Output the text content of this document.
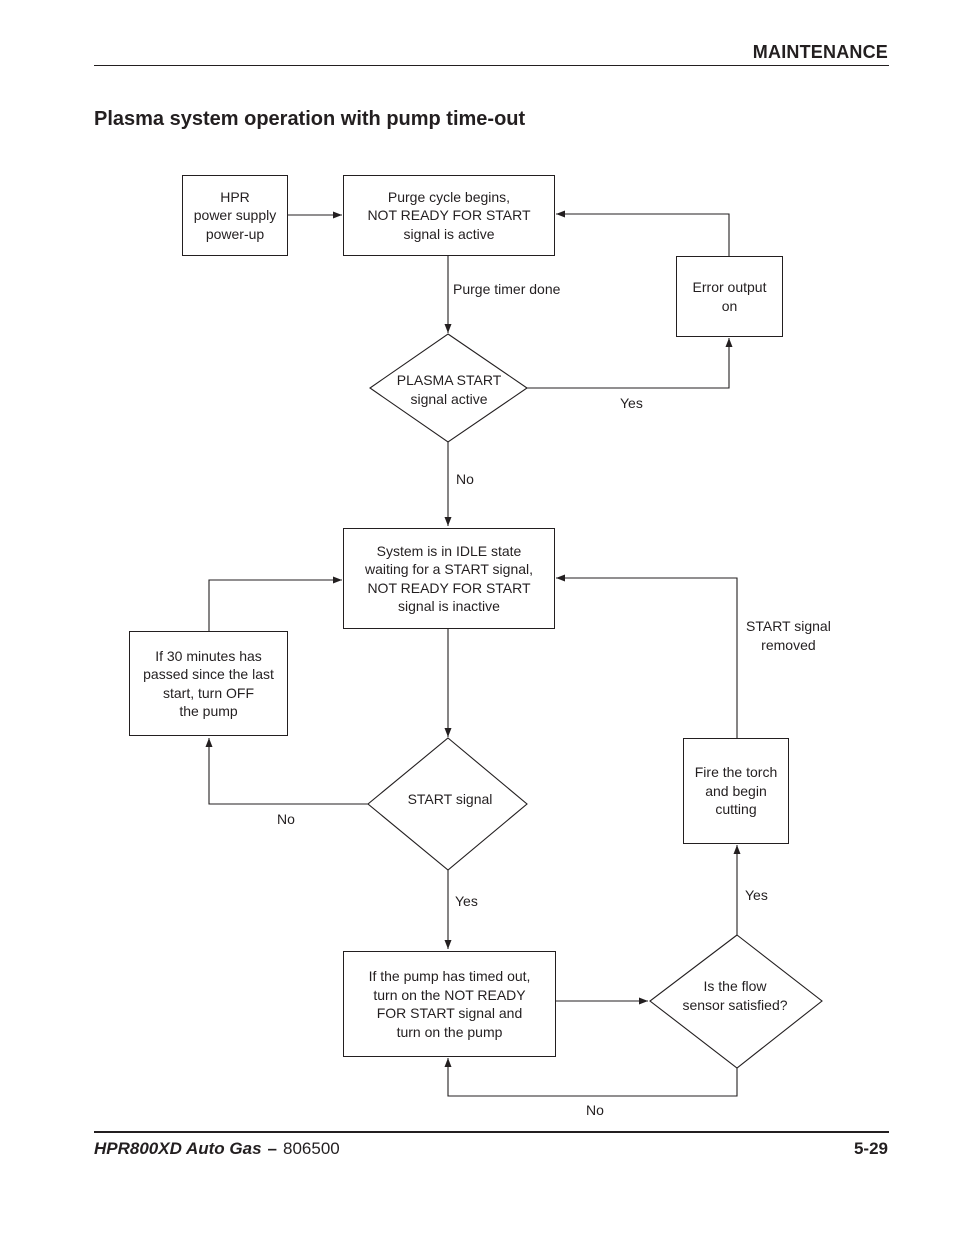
MAINTENANCE
Plasma system operation with pump time-out
HPR
power supply
power-up
Purge cycle begins,
NOT READY FOR START
signal is active
Error output
on
System is in IDLE state
waiting for a START signal,
NOT READY FOR START
signal is inactive
If 30 minutes has
passed since the last
start, turn OFF
the pump
Fire the torch
and begin
cutting
If the pump has timed out,
turn on the NOT READY
FOR START signal and
turn on the pump
PLASMA START
signal active
START signal
Is the flow
sensor satisfied?
Purge timer done
Yes
No
START signal
removed
No
Yes	Yes
No
HPR800XD Auto Gas – 806500	5-29
